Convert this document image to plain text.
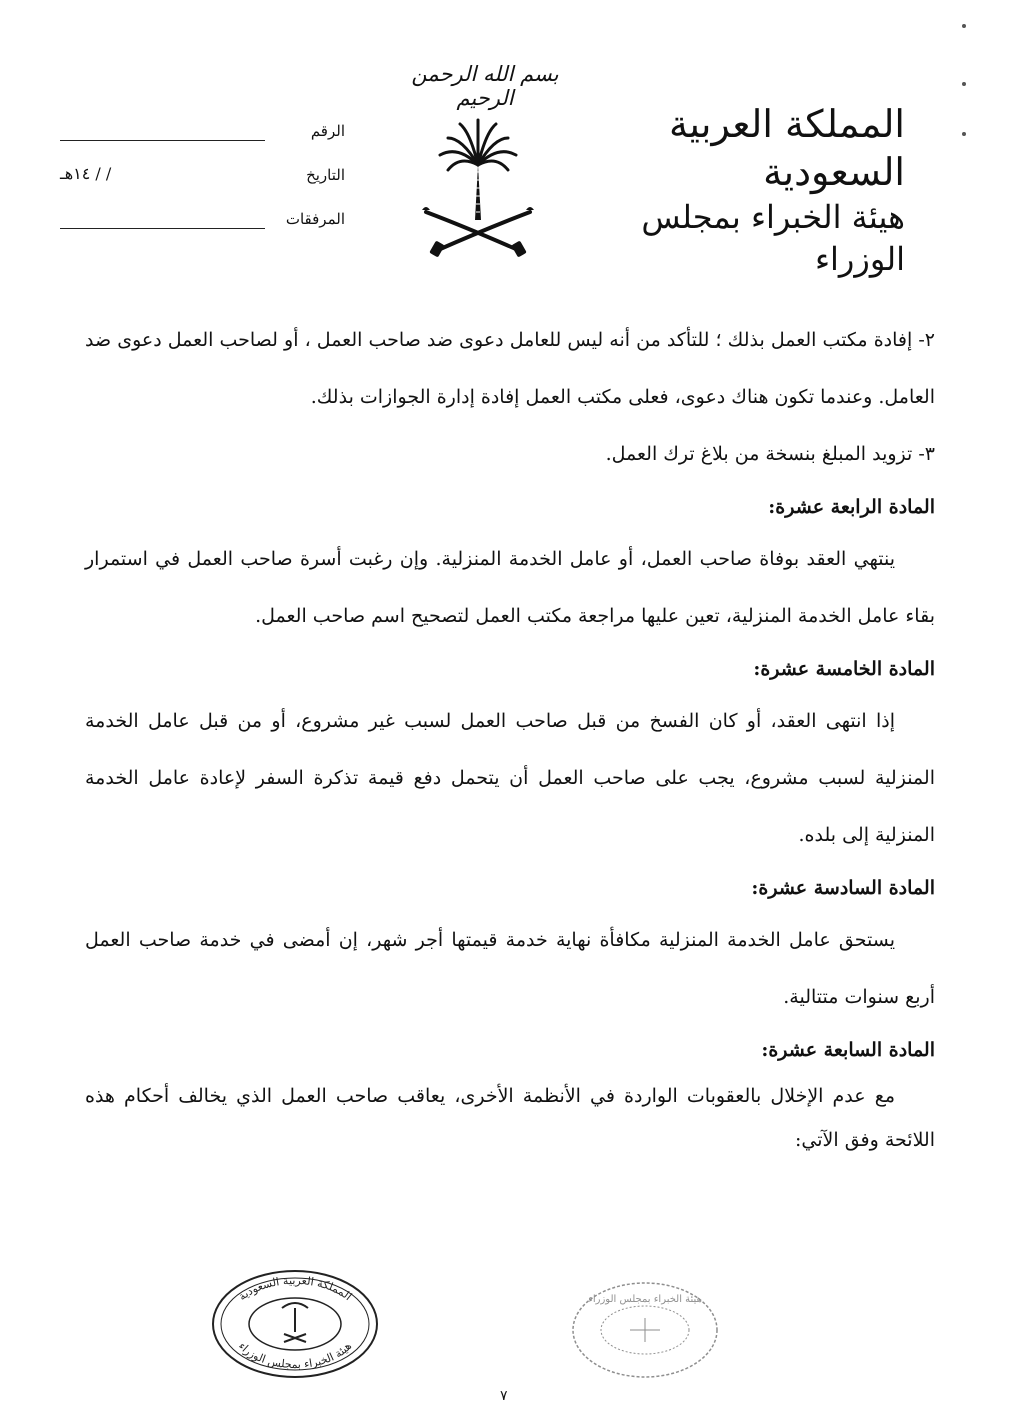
بسم الله الرحمن الرحيم
المملكة العربية السعودية
هيئة الخبراء بمجلس الوزراء
الرقم
التاريخ
/ / ١٤هـ
المرفقات

٢- إفادة مكتب العمل بذلك ؛ للتأكد من أنه ليس للعامل دعوى ضد صاحب العمل ، أو لصاحب العمل دعوى ضد العامل. وعندما تكون هناك دعوى، فعلى مكتب العمل إفادة إدارة الجوازات بذلك.

٣- تزويد المبلغ بنسخة من بلاغ ترك العمل.

المادة الرابعة عشرة:

ينتهي العقد بوفاة صاحب العمل، أو عامل الخدمة المنزلية. وإن رغبت أسرة صاحب العمل في استمرار بقاء عامل الخدمة المنزلية، تعين عليها مراجعة مكتب العمل لتصحيح اسم صاحب العمل.

المادة الخامسة عشرة:

إذا انتهى العقد، أو كان الفسخ من قبل صاحب العمل لسبب غير مشروع، أو من قبل عامل الخدمة المنزلية لسبب مشروع، يجب على صاحب العمل أن يتحمل دفع قيمة تذكرة السفر لإعادة عامل الخدمة المنزلية إلى بلده.

المادة السادسة عشرة:

يستحق عامل الخدمة المنزلية مكافأة نهاية خدمة قيمتها أجر شهر، إن أمضى في خدمة صاحب العمل أربع سنوات متتالية.

المادة السابعة عشرة:

مع عدم الإخلال بالعقوبات الواردة في الأنظمة الأخرى، يعاقب صاحب العمل الذي يخالف أحكام هذه اللائحة وفق الآتي:

المملكة العربية السعودية
هيئة الخبراء بمجلس الوزراء
هيئة الخبراء بمجلس الوزراء
٧
